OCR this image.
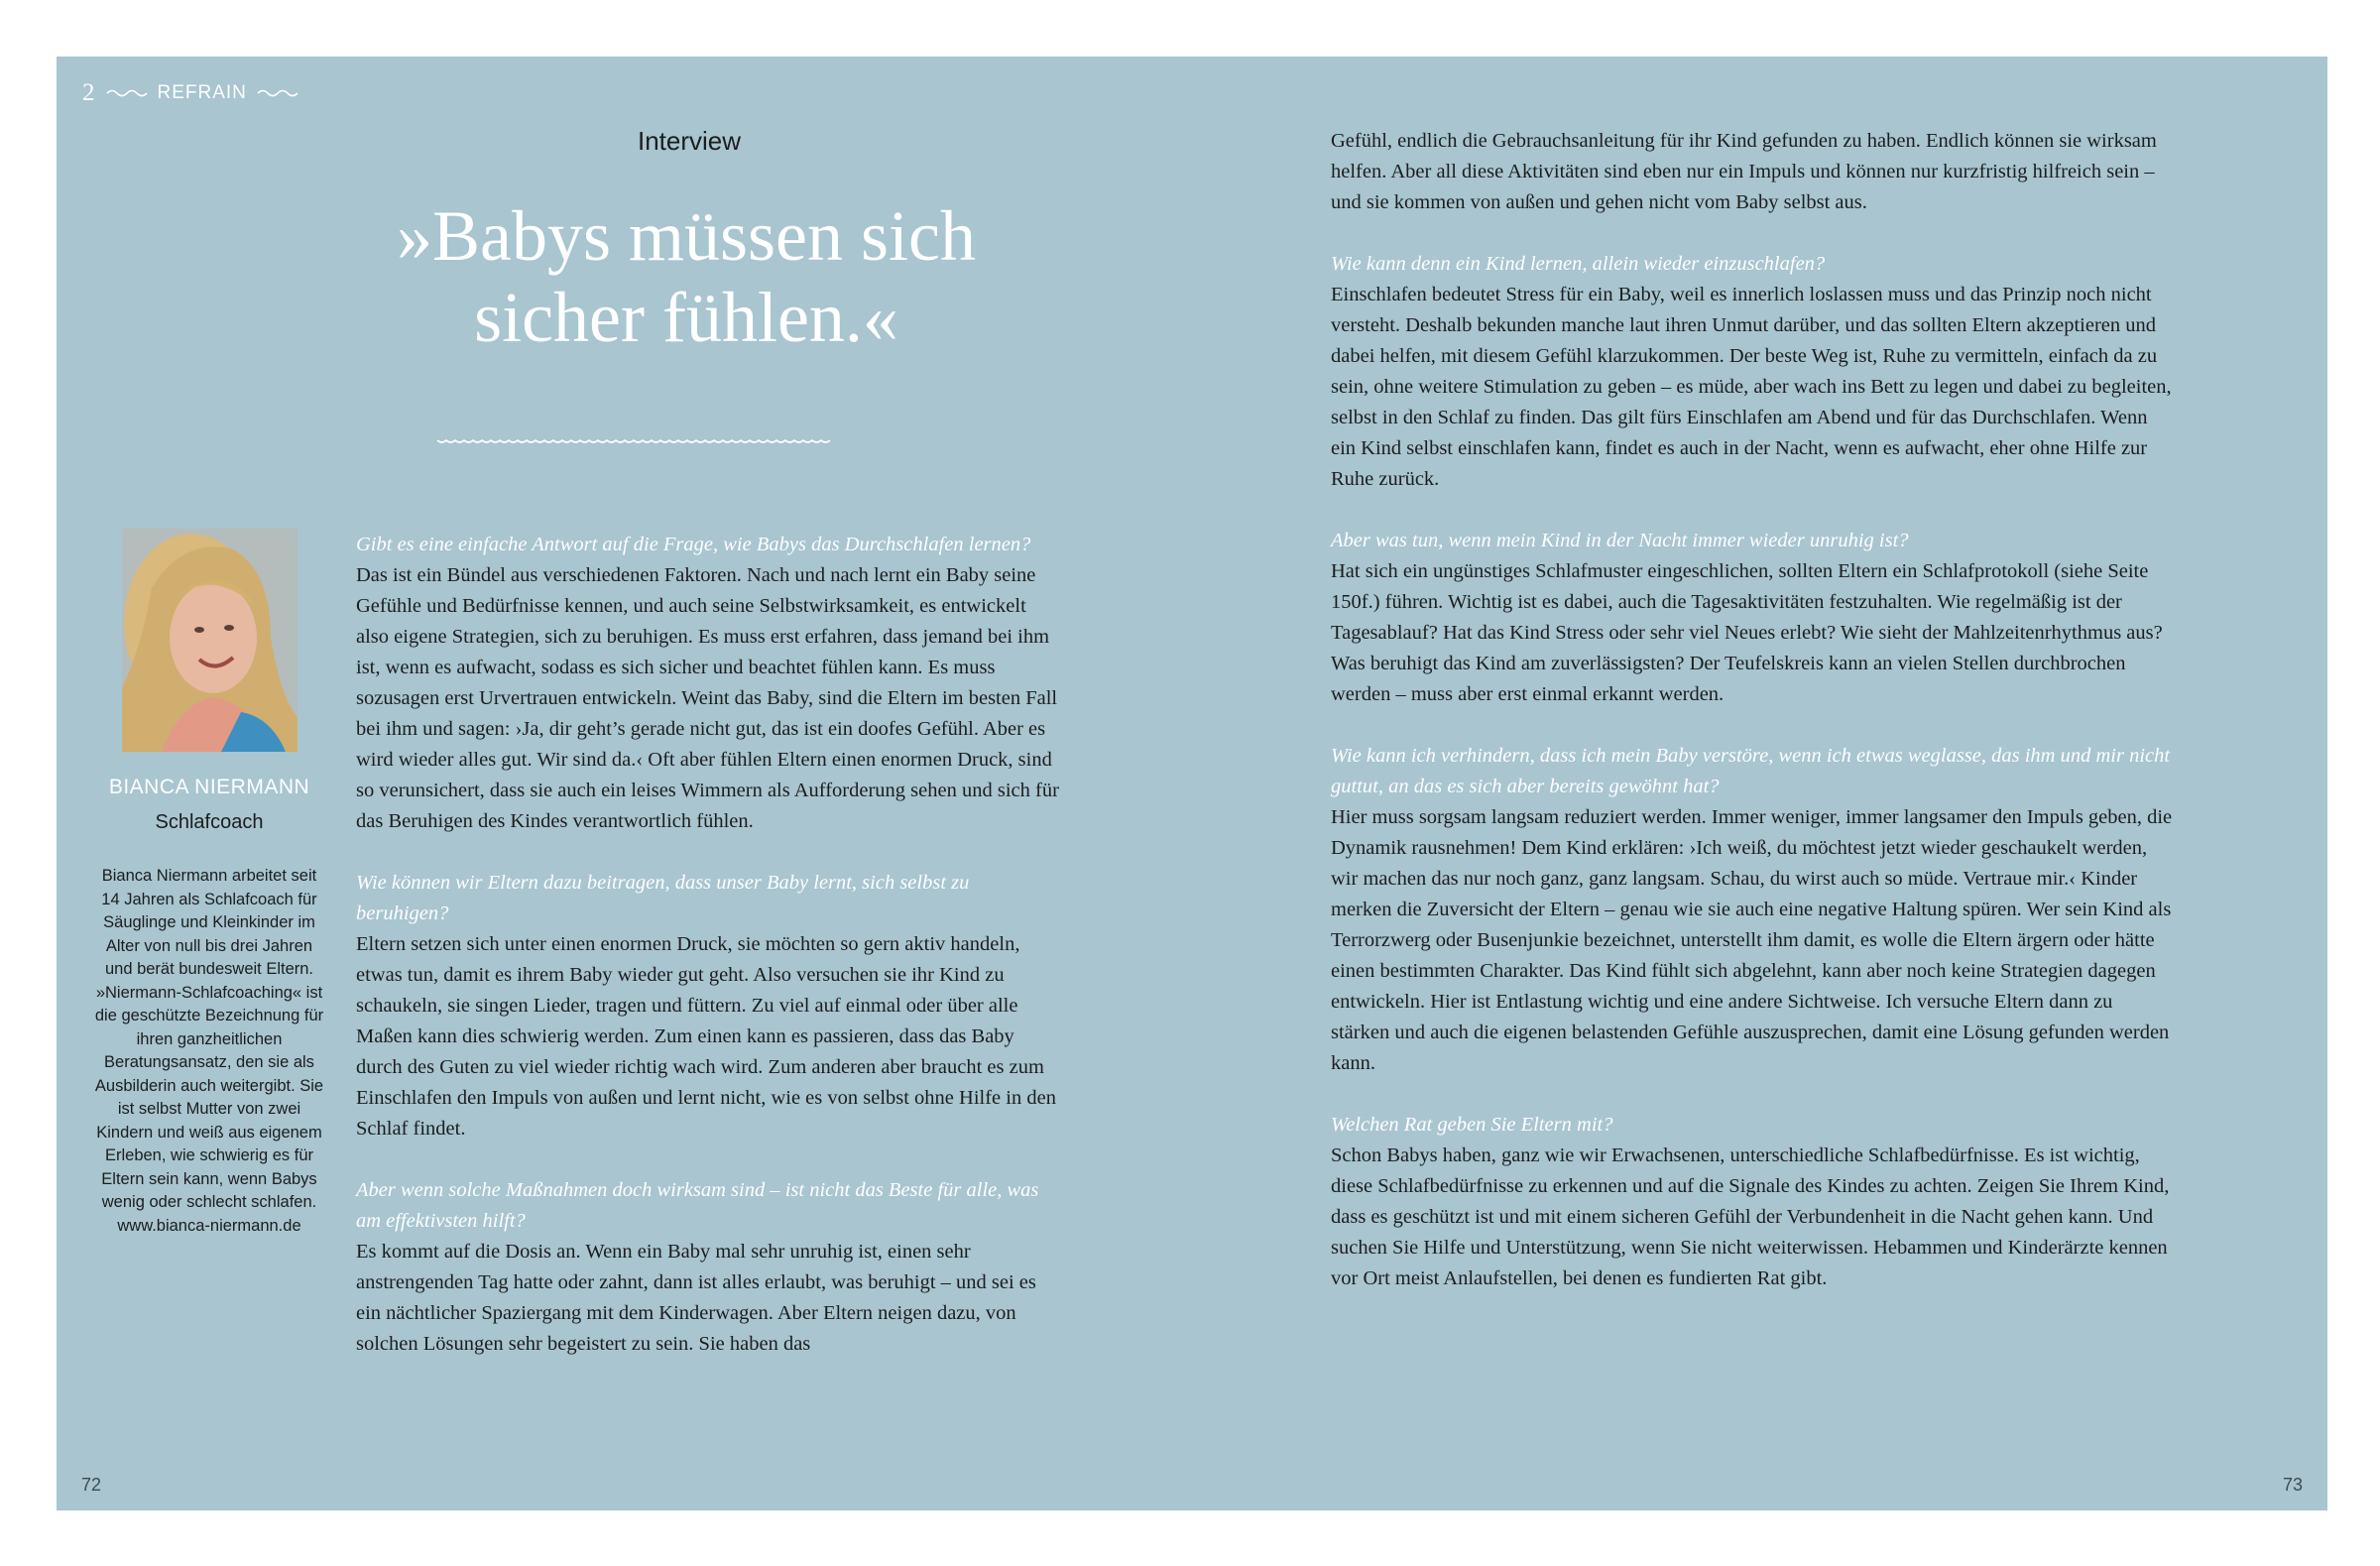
2	REFRAIN
Interview
»Babys müssen sich
sicher fühlen.«
BIANCA NIERMANN
Schlafcoach
Bianca Niermann arbeitet seit 14 Jahren als Schlafcoach für Säuglinge und Kleinkinder im Alter von null bis drei Jahren und berät bundesweit Eltern. »Niermann-Schlafcoaching« ist die geschützte Bezeichnung für ihren ganzheitlichen Beratungsansatz, den sie als Ausbilderin auch weitergibt. Sie ist selbst Mutter von zwei Kindern und weiß aus eigenem Erleben, wie schwierig es für Eltern sein kann, wenn Babys wenig oder schlecht schlafen.
www.bianca-niermann.de

Gibt es eine einfache Antwort auf die Frage, wie Babys das Durchschlafen lernen?
Das ist ein Bündel aus verschiedenen Faktoren. Nach und nach lernt ein Baby seine Gefühle und Bedürfnisse kennen, und auch seine Selbstwirksamkeit, es entwickelt also eigene Strategien, sich zu beruhigen. Es muss erst erfahren, dass jemand bei ihm ist, wenn es aufwacht, sodass es sich sicher und beachtet fühlen kann. Es muss sozusagen erst Urvertrauen entwickeln. Weint das Baby, sind die Eltern im besten Fall bei ihm und sagen: ›Ja, dir geht’s gerade nicht gut, das ist ein doofes Gefühl. Aber es wird wieder alles gut. Wir sind da.‹ Oft aber fühlen Eltern einen enormen Druck, sind so verunsichert, dass sie auch ein leises Wimmern als Aufforderung sehen und sich für das Beruhigen des Kindes verantwortlich fühlen.

Wie können wir Eltern dazu beitragen, dass unser Baby lernt, sich selbst zu beruhigen?
Eltern setzen sich unter einen enormen Druck, sie möchten so gern aktiv handeln, etwas tun, damit es ihrem Baby wieder gut geht. Also versuchen sie ihr Kind zu schaukeln, sie singen Lieder, tragen und füttern. Zu viel auf einmal oder über alle Maßen kann dies schwierig werden. Zum einen kann es passieren, dass das Baby durch des Guten zu viel wieder richtig wach wird. Zum anderen aber braucht es zum Einschlafen den Impuls von außen und lernt nicht, wie es von selbst ohne Hilfe in den Schlaf findet.

Aber wenn solche Maßnahmen doch wirksam sind – ist nicht das Beste für alle, was am effektivsten hilft?
Es kommt auf die Dosis an. Wenn ein Baby mal sehr unruhig ist, einen sehr anstrengenden Tag hatte oder zahnt, dann ist alles erlaubt, was beruhigt – und sei es ein nächtlicher Spaziergang mit dem Kinderwagen. Aber Eltern neigen dazu, von solchen Lösungen sehr begeistert zu sein. Sie haben das

Gefühl, endlich die Gebrauchsanleitung für ihr Kind gefunden zu haben. Endlich können sie wirksam helfen. Aber all diese Aktivitäten sind eben nur ein Impuls und können nur kurzfristig hilfreich sein – und sie kommen von außen und gehen nicht vom Baby selbst aus.

Wie kann denn ein Kind lernen, allein wieder einzuschlafen?
Einschlafen bedeutet Stress für ein Baby, weil es innerlich loslassen muss und das Prinzip noch nicht versteht. Deshalb bekunden manche laut ihren Unmut darüber, und das sollten Eltern akzeptieren und dabei helfen, mit diesem Gefühl klarzukommen. Der beste Weg ist, Ruhe zu vermitteln, einfach da zu sein, ohne weitere Stimulation zu geben – es müde, aber wach ins Bett zu legen und dabei zu begleiten, selbst in den Schlaf zu finden. Das gilt fürs Einschlafen am Abend und für das Durchschlafen. Wenn ein Kind selbst einschlafen kann, findet es auch in der Nacht, wenn es aufwacht, eher ohne Hilfe zur Ruhe zurück.

Aber was tun, wenn mein Kind in der Nacht immer wieder unruhig ist?
Hat sich ein ungünstiges Schlafmuster eingeschlichen, sollten Eltern ein Schlafprotokoll (siehe Seite 150f.) führen. Wichtig ist es dabei, auch die Tagesaktivitäten festzuhalten. Wie regelmäßig ist der Tagesablauf? Hat das Kind Stress oder sehr viel Neues erlebt? Wie sieht der Mahlzeitenrhythmus aus? Was beruhigt das Kind am zuverlässigsten? Der Teufelskreis kann an vielen Stellen durchbrochen werden – muss aber erst einmal erkannt werden.

Wie kann ich verhindern, dass ich mein Baby verstöre, wenn ich etwas weglasse, das ihm und mir nicht guttut, an das es sich aber bereits gewöhnt hat?
Hier muss sorgsam langsam reduziert werden. Immer weniger, immer langsamer den Impuls geben, die Dynamik rausnehmen! Dem Kind erklären: ›Ich weiß, du möchtest jetzt wieder geschaukelt werden, wir machen das nur noch ganz, ganz langsam. Schau, du wirst auch so müde. Vertraue mir.‹ Kinder merken die Zuversicht der Eltern – genau wie sie auch eine negative Haltung spüren. Wer sein Kind als Terrorzwerg oder Busenjunkie bezeichnet, unterstellt ihm damit, es wolle die Eltern ärgern oder hätte einen bestimmten Charakter. Das Kind fühlt sich abgelehnt, kann aber noch keine Strategien dagegen entwickeln. Hier ist Entlastung wichtig und eine andere Sichtweise. Ich versuche Eltern dann zu stärken und auch die eigenen belastenden Gefühle auszusprechen, damit eine Lösung gefunden werden kann.

Welchen Rat geben Sie Eltern mit?
Schon Babys haben, ganz wie wir Erwachsenen, unterschiedliche Schlafbedürfnisse. Es ist wichtig, diese Schlafbedürfnisse zu erkennen und auf die Signale des Kindes zu achten. Zeigen Sie Ihrem Kind, dass es geschützt ist und mit einem sicheren Gefühl der Verbundenheit in die Nacht gehen kann. Und suchen Sie Hilfe und Unterstützung, wenn Sie nicht weiterwissen. Hebammen und Kinderärzte kennen vor Ort meist Anlaufstellen, bei denen es fundierten Rat gibt.

72	73
